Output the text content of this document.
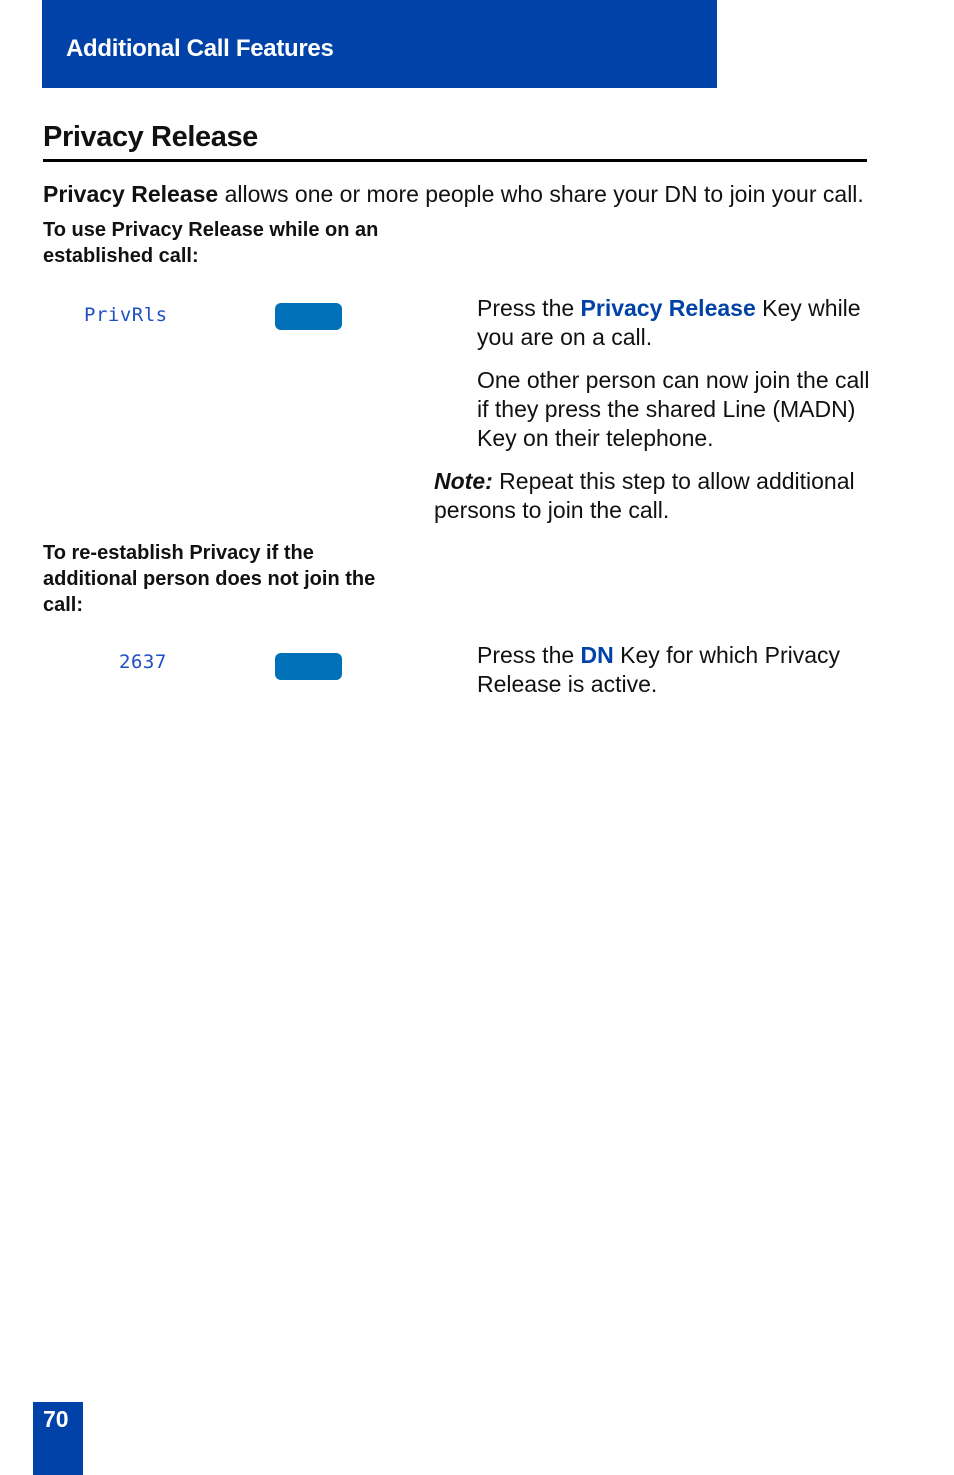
Additional Call Features
Privacy Release
Privacy Release allows one or more people who share your DN to join your call.
To use Privacy Release while on an established call:
PrivRls	Press the Privacy Release Key while you are on a call.
One other person can now join the call if they press the shared Line (MADN) Key on their telephone.
Note: Repeat this step to allow additional persons to join the call.
To re-establish Privacy if the additional person does not join the call:
2637	Press the DN Key for which Privacy Release is active.
70
